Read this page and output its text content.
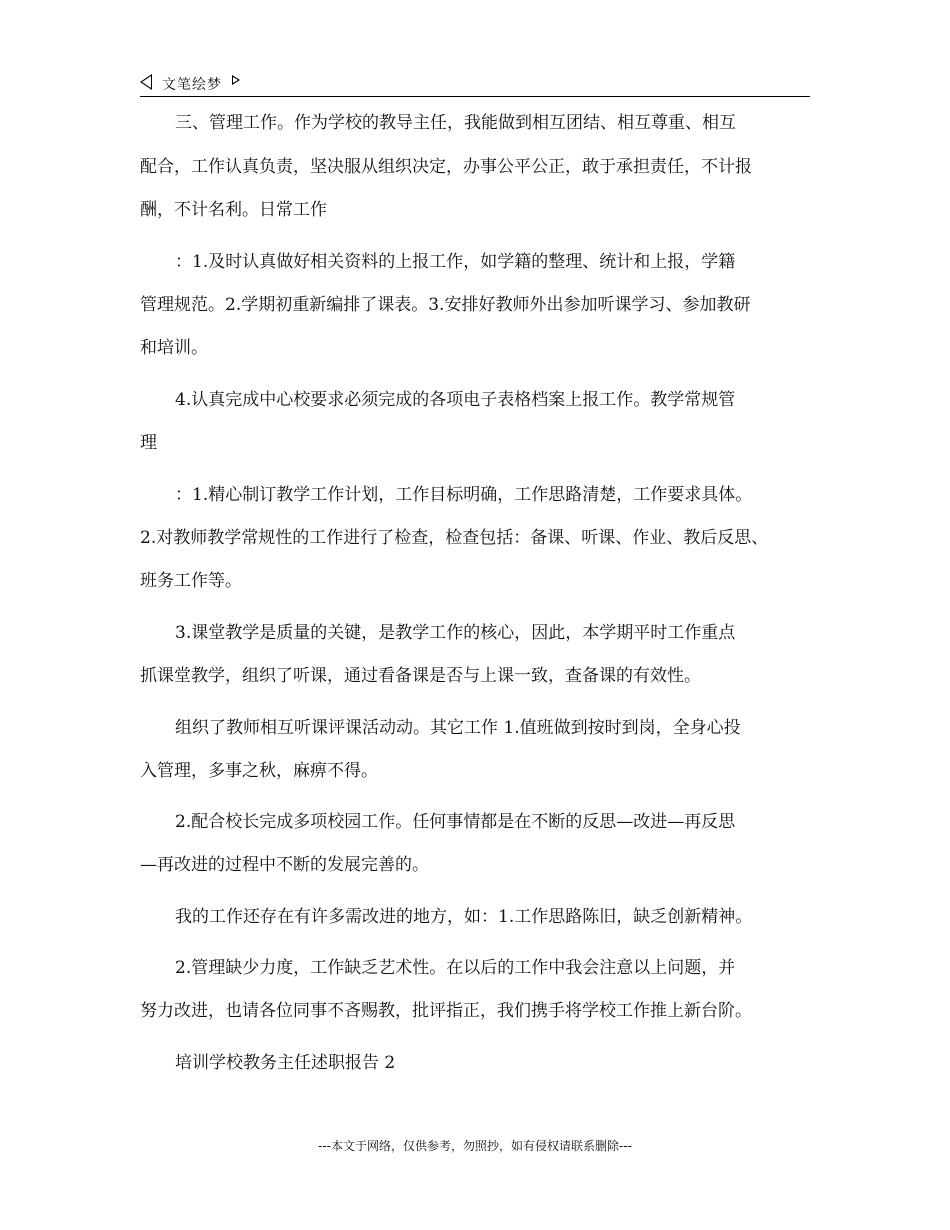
文笔绘梦
三、管理工作。作为学校的教导主任，我能做到相互团结、相互尊重、相互
配合，工作认真负责，坚决服从组织决定，办事公平公正，敢于承担责任，不计报
酬，不计名利。日常工作
：1.及时认真做好相关资料的上报工作，如学籍的整理、统计和上报，学籍
管理规范。2.学期初重新编排了课表。3.安排好教师外出参加听课学习、参加教研
和培训。
4.认真完成中心校要求必须完成的各项电子表格档案上报工作。教学常规管
理
：1.精心制订教学工作计划，工作目标明确，工作思路清楚，工作要求具体。
2.对教师教学常规性的工作进行了检查，检查包括：备课、听课、作业、教后反思、
班务工作等。
3.课堂教学是质量的关键，是教学工作的核心，因此，本学期平时工作重点
抓课堂教学，组织了听课，通过看备课是否与上课一致，查备课的有效性。
组织了教师相互听课评课活动动。其它工作 1.值班做到按时到岗，全身心投
入管理，多事之秋，麻痹不得。
2.配合校长完成多项校园工作。任何事情都是在不断的反思—改进—再反思
—再改进的过程中不断的发展完善的。
我的工作还存在有许多需改进的地方，如：1.工作思路陈旧，缺乏创新精神。
2.管理缺少力度，工作缺乏艺术性。在以后的工作中我会注意以上问题，并
努力改进，也请各位同事不吝赐教，批评指正，我们携手将学校工作推上新台阶。
培训学校教务主任述职报告 2
---本文于网络，仅供参考，勿照抄，如有侵权请联系删除---
